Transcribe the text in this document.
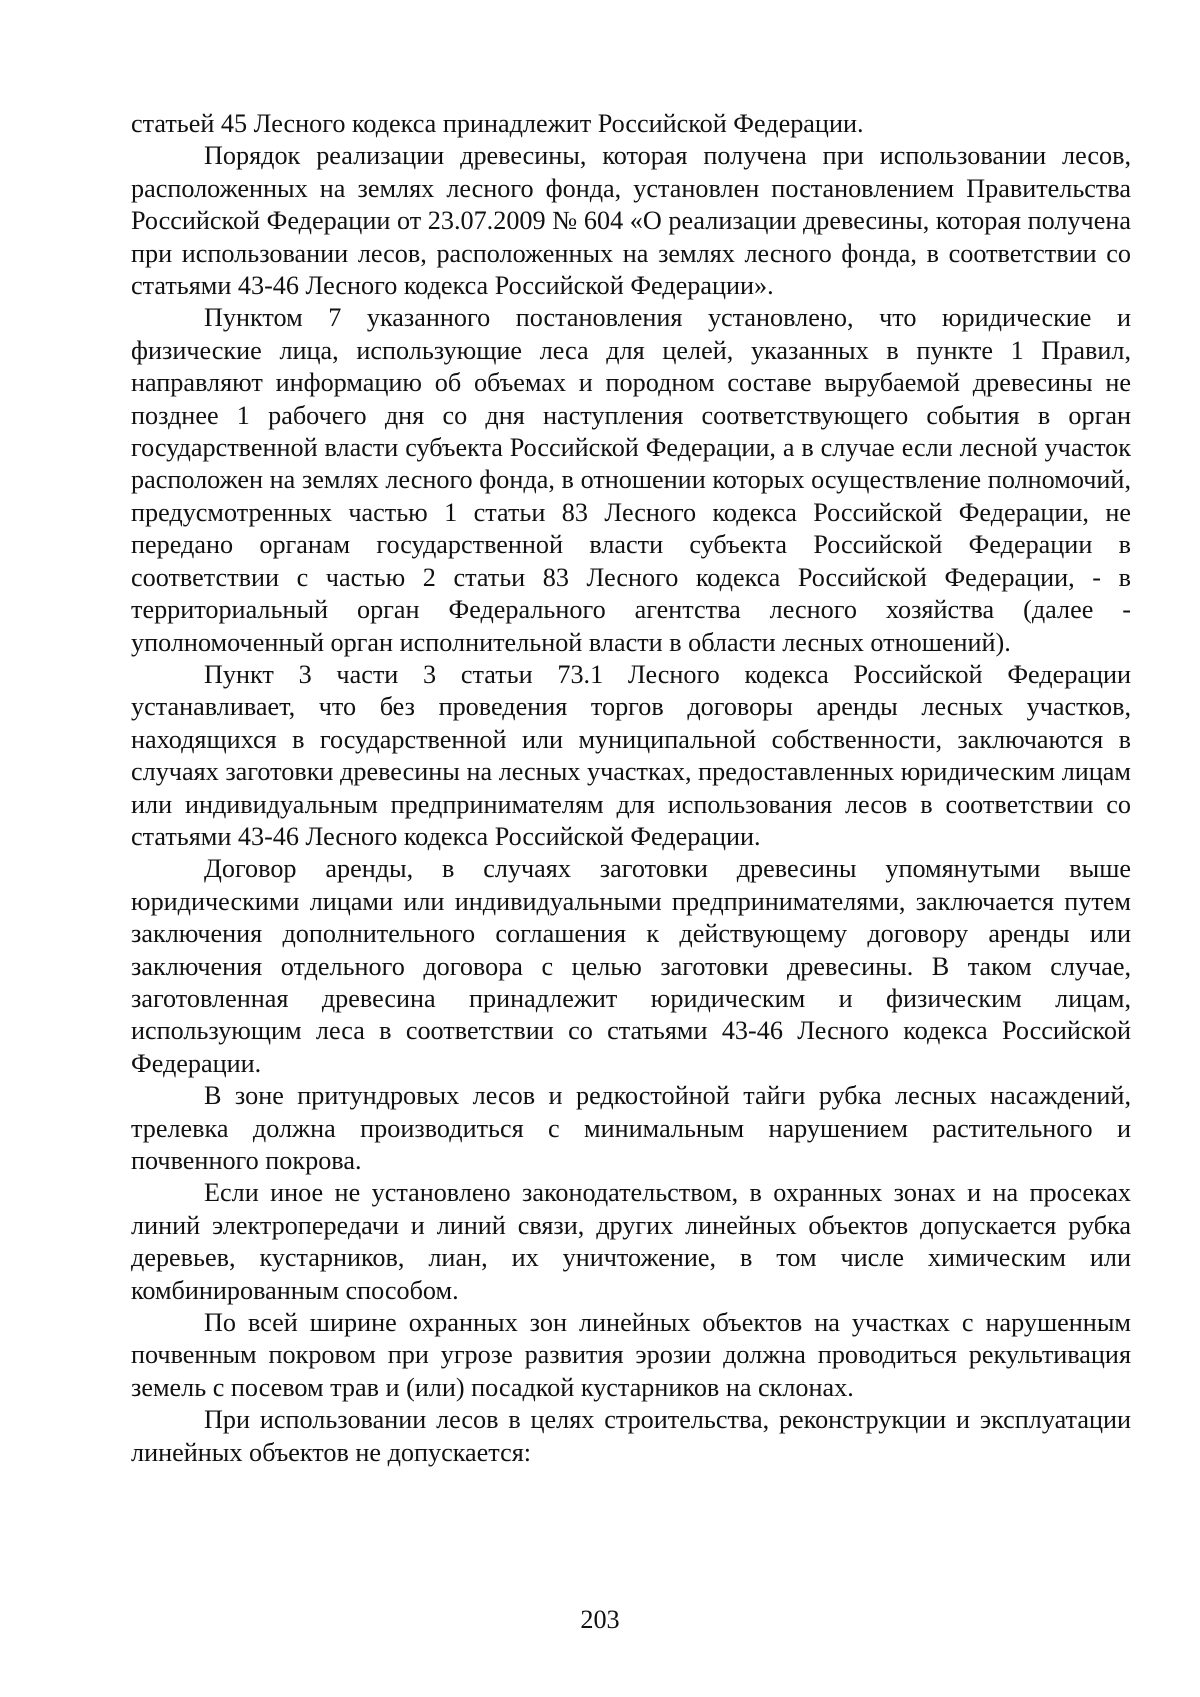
статьей 45 Лесного кодекса принадлежит Российской Федерации.

Порядок реализации древесины, которая получена при использовании лесов, расположенных на землях лесного фонда, установлен постановлением Правительства Российской Федерации от 23.07.2009 № 604 «О реализации древесины, которая получена при использовании лесов, расположенных на землях лесного фонда, в соответствии со статьями 43-46 Лесного кодекса Российской Федерации».

Пунктом 7 указанного постановления установлено, что юридические и физические лица, использующие леса для целей, указанных в пункте 1 Правил, направляют информацию об объемах и породном составе вырубаемой древесины не позднее 1 рабочего дня со дня наступления соответствующего события в орган государственной власти субъекта Российской Федерации, а в случае если лесной участок расположен на землях лесного фонда, в отношении которых осуществление полномочий, предусмотренных частью 1 статьи 83 Лесного кодекса Российской Федерации, не передано органам государственной власти субъекта Российской Федерации в соответствии с частью 2 статьи 83 Лесного кодекса Российской Федерации, - в территориальный орган Федерального агентства лесного хозяйства (далее - уполномоченный орган исполнительной власти в области лесных отношений).

Пункт 3 части 3 статьи 73.1 Лесного кодекса Российской Федерации устанавливает, что без проведения торгов договоры аренды лесных участков, находящихся в государственной или муниципальной собственности, заключаются в случаях заготовки древесины на лесных участках, предоставленных юридическим лицам или индивидуальным предпринимателям для использования лесов в соответствии со статьями 43-46 Лесного кодекса Российской Федерации.

Договор аренды, в случаях заготовки древесины упомянутыми выше юридическими лицами или индивидуальными предпринимателями, заключается путем заключения дополнительного соглашения к действующему договору аренды или заключения отдельного договора с целью заготовки древесины. В таком случае, заготовленная древесина принадлежит юридическим и физическим лицам, использующим леса в соответствии со статьями 43-46 Лесного кодекса Российской Федерации.

В зоне притундровых лесов и редкостойной тайги рубка лесных насаждений, трелевка должна производиться с минимальным нарушением растительного и почвенного покрова.

Если иное не установлено законодательством, в охранных зонах и на просеках линий электропередачи и линий связи, других линейных объектов допускается рубка деревьев, кустарников, лиан, их уничтожение, в том числе химическим или комбинированным способом.

По всей ширине охранных зон линейных объектов на участках с нарушенным почвенным покровом при угрозе развития эрозии должна проводиться рекультивация земель с посевом трав и (или) посадкой кустарников на склонах.

При использовании лесов в целях строительства, реконструкции и эксплуатации линейных объектов не допускается:

203
